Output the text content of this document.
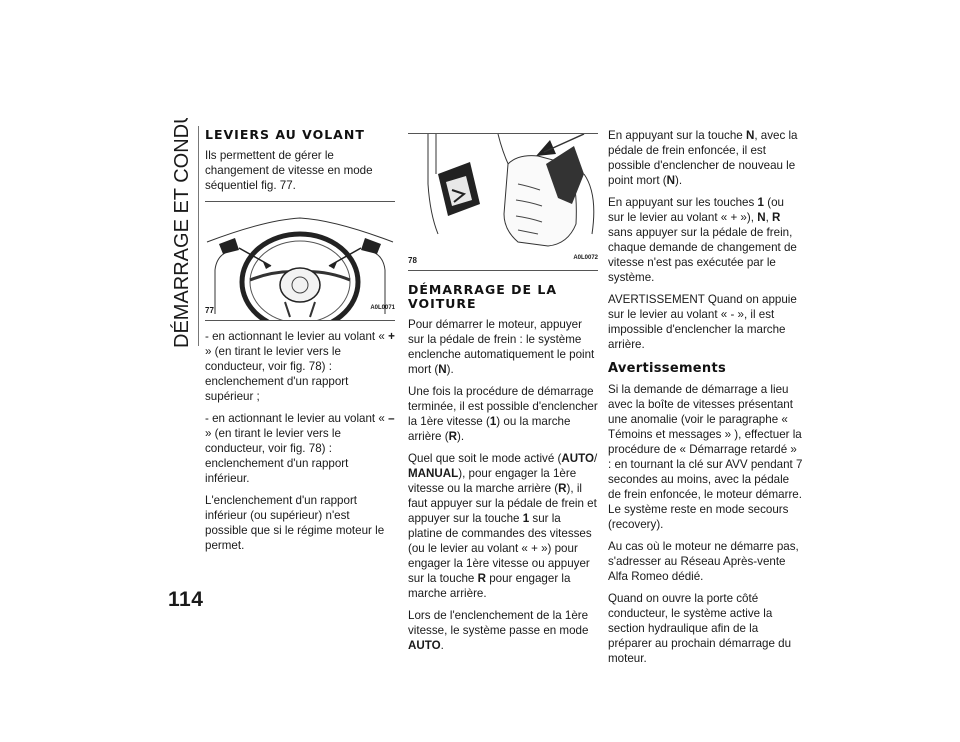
DÉMARRAGE ET CONDUITE
114
LEVIERS AU VOLANT

Ils permettent de gérer le changement de vitesse en mode séquentiel fig. 77.

77	A0L0071

- en actionnant le levier au volant « + » (en tirant le levier vers le conducteur, voir fig. 78) : enclenchement d'un rapport supérieur ;

- en actionnant le levier au volant « – » (en tirant le levier vers le conducteur, voir fig. 78) : enclenchement d'un rapport inférieur.

L'enclenchement d'un rapport inférieur (ou supérieur) n'est possible que si le régime moteur le permet.

78	A0L0072
DÉMARRAGE DE LA VOITURE

Pour démarrer le moteur, appuyer sur la pédale de frein : le système enclenche automatiquement le point mort (N).

Une fois la procédure de démarrage terminée, il est possible d'enclencher la 1ère vitesse (1) ou la marche arrière (R).

Quel que soit le mode activé (AUTO/ MANUAL), pour engager la 1ère vitesse ou la marche arrière (R), il faut appuyer sur la pédale de frein et appuyer sur la touche 1 sur la platine de commandes des vitesses (ou le levier au volant « + ») pour engager la 1ère vitesse ou appuyer sur la touche R pour engager la marche arrière.

Lors de l'enclenchement de la 1ère vitesse, le système passe en mode AUTO.

En appuyant sur la touche N, avec la pédale de frein enfoncée, il est possible d'enclencher de nouveau le point mort (N).

En appuyant sur les touches 1 (ou sur le levier au volant « + »), N, R sans appuyer sur la pédale de frein, chaque demande de changement de vitesse n'est pas exécutée par le système.

AVERTISSEMENT Quand on appuie sur le levier au volant « - », il est impossible d'enclencher la marche arrière.

Avertissements

Si la demande de démarrage a lieu avec la boîte de vitesses présentant une anomalie (voir le paragraphe « Témoins et messages » ), effectuer la procédure de « Démarrage retardé » : en tournant la clé sur AVV pendant 7 secondes au moins, avec la pédale de frein enfoncée, le moteur démarre. Le système reste en mode secours (recovery).

Au cas où le moteur ne démarre pas, s'adresser au Réseau Après-vente Alfa Romeo dédié.

Quand on ouvre la porte côté conducteur, le système active la section hydraulique afin de la préparer au prochain démarrage du moteur.
